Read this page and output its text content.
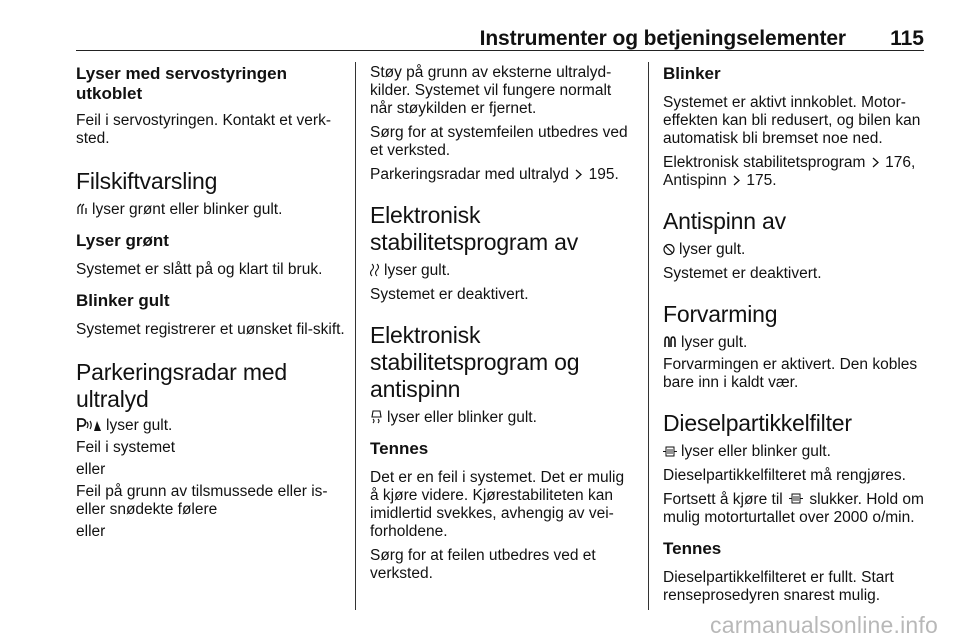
Instrumenter og betjeningselementer 115
Lyser med servostyringen utkoblet
Feil i servostyringen. Kontakt et verk-sted.
Filskiftvarsling
lyser grønt eller blinker gult.
Lyser grønt
Systemet er slått på og klart til bruk.
Blinker gult
Systemet registrerer et uønsket fil-skift.
Parkeringsradar med ultralyd
lyser gult.
Feil i systemet
eller
Feil på grunn av tilsmussede eller is- eller snødekte følere
eller
Støy på grunn av eksterne ultralyd-kilder. Systemet vil fungere normalt når støykilden er fjernet.
Sørg for at systemfeilen utbedres ved et verksted.
Parkeringsradar med ultralyd 195.
Elektronisk stabilitetsprogram av
lyser gult.
Systemet er deaktivert.
Elektronisk stabilitetsprogram og antispinn
lyser eller blinker gult.
Tennes
Det er en feil i systemet. Det er mulig å kjøre videre. Kjørestabiliteten kan imidlertid svekkes, avhengig av vei-forholdene.
Sørg for at feilen utbedres ved et verksted.
Blinker
Systemet er aktivt innkoblet. Motor-effekten kan bli redusert, og bilen kan automatisk bli bremset noe ned.
Elektronisk stabilitetsprogram 176,
Antispinn 175.
Antispinn av
lyser gult.
Systemet er deaktivert.
Forvarming
lyser gult.
Forvarmingen er aktivert. Den kobles bare inn i kaldt vær.
Dieselpartikkelfilter
lyser eller blinker gult.
Dieselpartikkelfilteret må rengjøres.
Fortsett å kjøre til slukker. Hold om mulig motorturtallet over 2000 o/min.
Tennes
Dieselpartikkelfilteret er fullt. Start renseprosedyren snarest mulig.
carmanualsonline.info
